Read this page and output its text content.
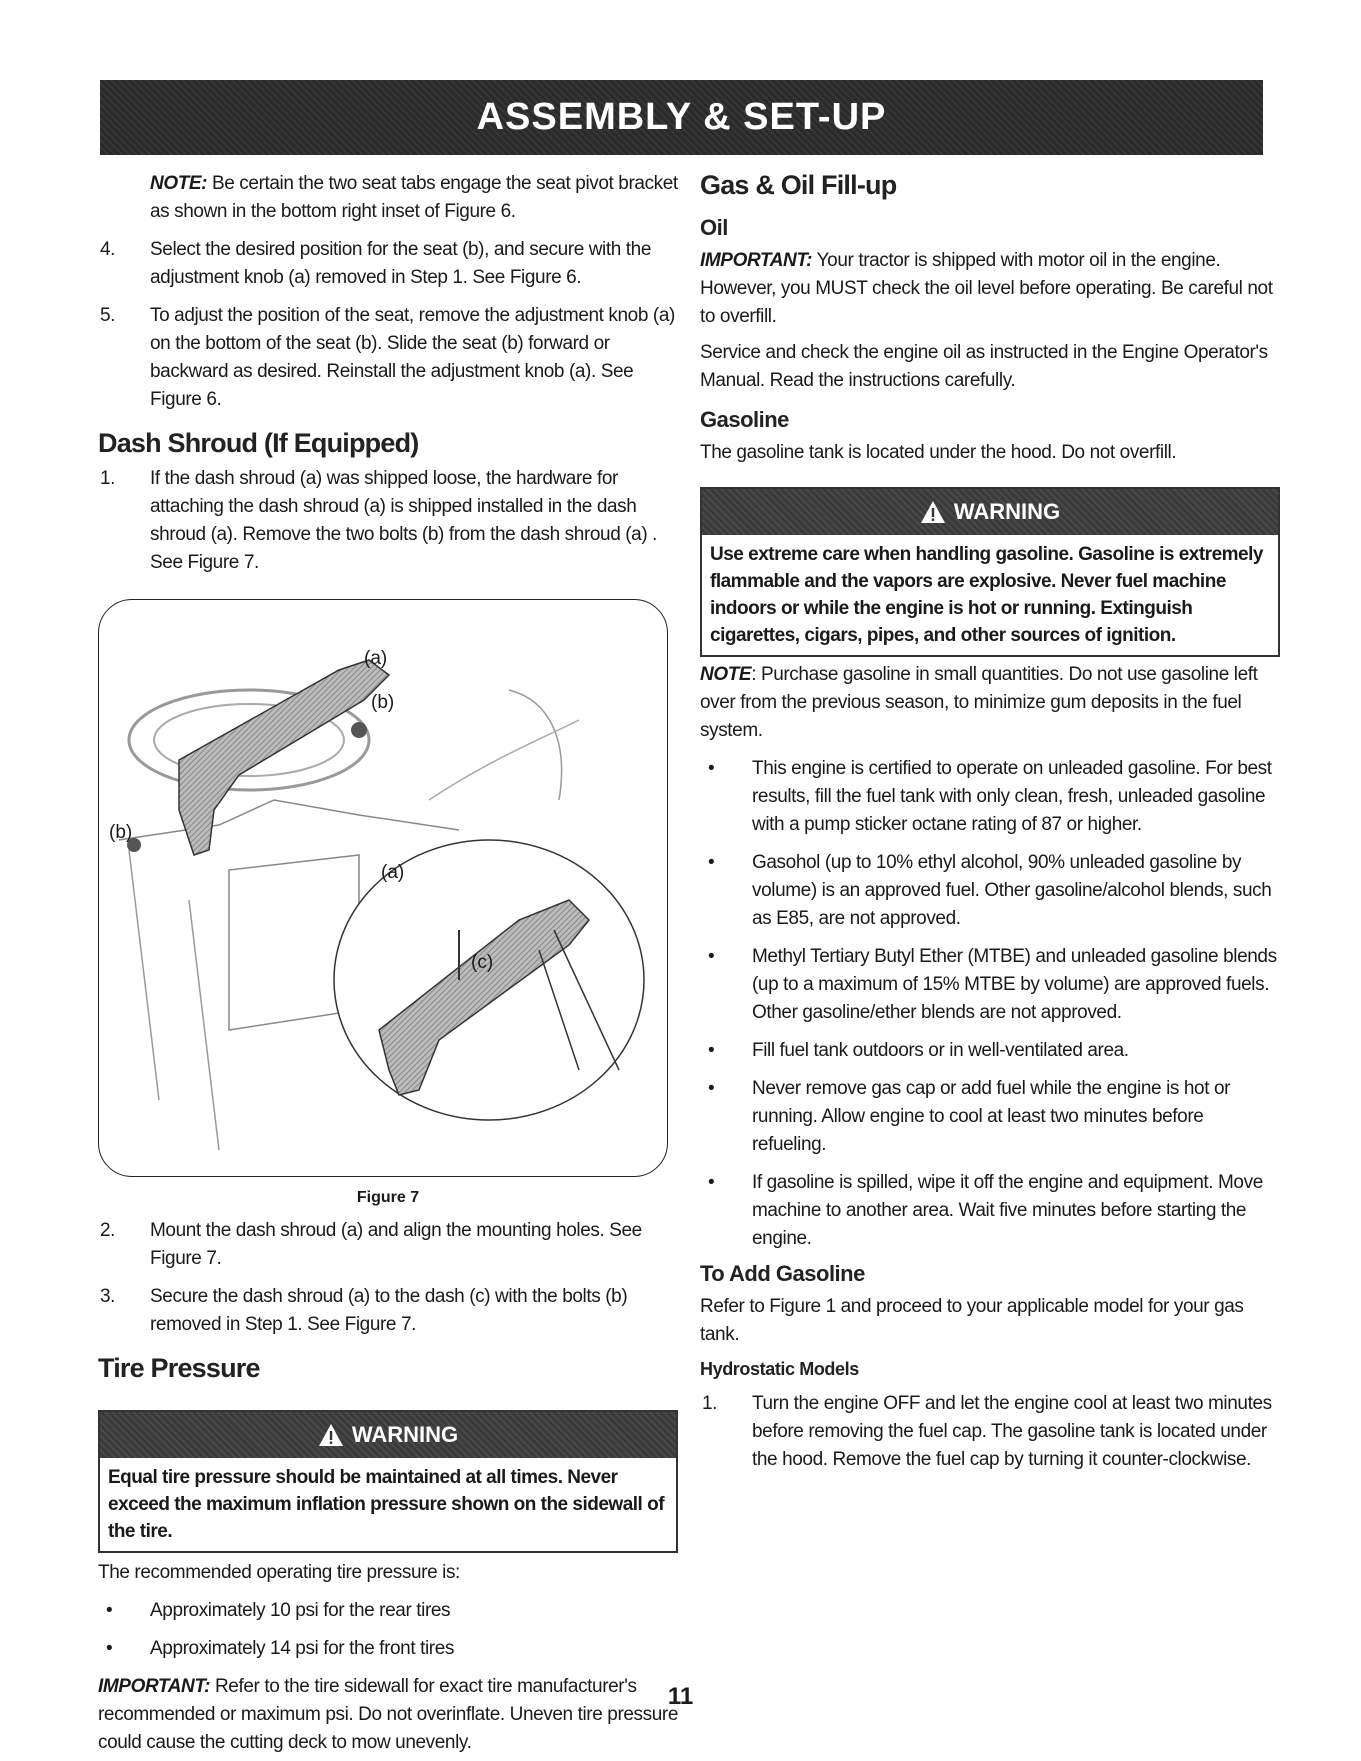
ASSEMBLY & SET-UP

NOTE: Be certain the two seat tabs engage the seat pivot bracket as shown in the bottom right inset of Figure 6.

4. Select the desired position for the seat (b), and secure with the adjustment knob (a) removed in Step 1. See Figure 6.

5. To adjust the position of the seat, remove the adjustment knob (a) on the bottom of the seat (b). Slide the seat (b) forward or backward as desired. Reinstall the adjustment knob (a). See Figure 6.

Dash Shroud (If Equipped)

1. If the dash shroud (a) was shipped loose, the hardware for attaching the dash shroud (a) is shipped installed in the dash shroud (a). Remove the two bolts (b) from the dash shroud (a) . See Figure 7.

(a)
(b)
(b)
(a)
(c)
Figure 7

2. Mount the dash shroud (a) and align the mounting holes. See Figure 7.

3. Secure the dash shroud (a) to the dash (c) with the bolts (b) removed in Step 1. See Figure 7.

Tire Pressure
WARNING
Equal tire pressure should be maintained at all times. Never exceed the maximum inflation pressure shown on the sidewall of the tire.

The recommended operating tire pressure is:

• Approximately 10 psi for the rear tires

• Approximately 14 psi for the front tires

IMPORTANT: Refer to the tire sidewall for exact tire manufacturer's recommended or maximum psi. Do not overinflate. Uneven tire pressure could cause the cutting deck to mow unevenly.

Gas & Oil Fill-up
Oil

IMPORTANT: Your tractor is shipped with motor oil in the engine. However, you MUST check the oil level before operating. Be careful not to overfill.

Service and check the engine oil as instructed in the Engine Operator's Manual. Read the instructions carefully.

Gasoline

The gasoline tank is located under the hood. Do not overfill.

WARNING
Use extreme care when handling gasoline. Gasoline is extremely flammable and the vapors are explosive. Never fuel machine indoors or while the engine is hot or running. Extinguish cigarettes, cigars, pipes, and other sources of ignition.

NOTE: Purchase gasoline in small quantities. Do not use gasoline left over from the previous season, to minimize gum deposits in the fuel system.

• This engine is certified to operate on unleaded gasoline. For best results, fill the fuel tank with only clean, fresh, unleaded gasoline with a pump sticker octane rating of 87 or higher.

• Gasohol (up to 10% ethyl alcohol, 90% unleaded gasoline by volume) is an approved fuel. Other gasoline/alcohol blends, such as E85, are not approved.

• Methyl Tertiary Butyl Ether (MTBE) and unleaded gasoline blends (up to a maximum of 15% MTBE by volume) are approved fuels. Other gasoline/ether blends are not approved.

• Fill fuel tank outdoors or in well-ventilated area.

• Never remove gas cap or add fuel while the engine is hot or running. Allow engine to cool at least two minutes before refueling.

• If gasoline is spilled, wipe it off the engine and equipment. Move machine to another area. Wait five minutes before starting the engine.

To Add Gasoline

Refer to Figure 1 and proceed to your applicable model for your gas tank.

Hydrostatic Models

1. Turn the engine OFF and let the engine cool at least two minutes before removing the fuel cap. The gasoline tank is located under the hood. Remove the fuel cap by turning it counter-clockwise.

11
